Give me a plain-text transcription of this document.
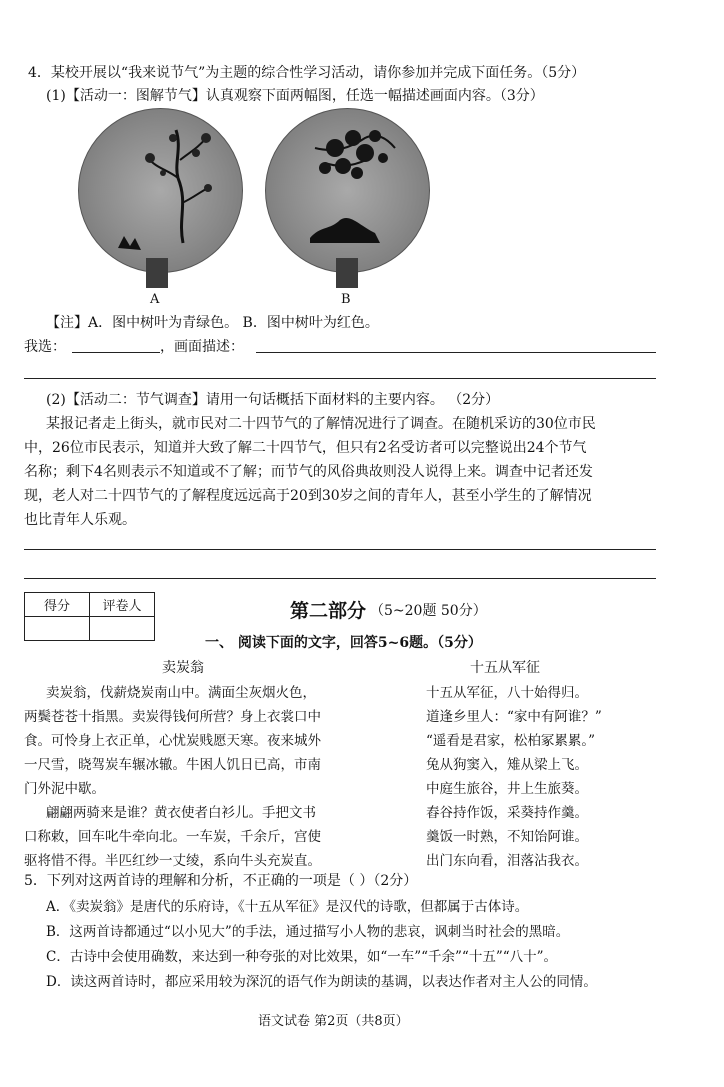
4．某校开展以“我来说节气”为主题的综合性学习活动，请你参加并完成下面任务。（5分）
(1)【活动一：图解节气】认真观察下面两幅图，任选一幅描述画面内容。（3分）
A	B
【注】A．图中树叶为青绿色。 B．图中树叶为红色。
我选：	，画面描述：
(2)【活动二：节气调查】请用一句话概括下面材料的主要内容。 （2分）
某报记者走上街头，就市民对二十四节气的了解情况进行了调查。在随机采访的30位市民
中，26位市民表示，知道并大致了解二十四节气，但只有2名受访者可以完整说出24个节气
名称；剩下4名则表示不知道或不了解；而节气的风俗典故则没人说得上来。调查中记者还发
现，老人对二十四节气的了解程度远远高于20到30岁之间的青年人，甚至小学生的了解情况
也比青年人乐观。
得分	评卷人
		第二部分 （5~20题 50分）
一、 阅读下面的文字，回答5~6题。（5分）
卖炭翁
卖炭翁，伐薪烧炭南山中。满面尘灰烟火色，
两鬓苍苍十指黑。卖炭得钱何所营？身上衣裳口中
食。可怜身上衣正单，心忧炭贱愿天寒。夜来城外
一尺雪，晓驾炭车辗冰辙。牛困人饥日已高，市南
门外泥中歇。
翩翩两骑来是谁？黄衣使者白衫儿。手把文书
口称敕，回车叱牛牵向北。一车炭，千余斤，宫使
驱将惜不得。半匹红纱一丈绫，系向牛头充炭直。
十五从军征
十五从军征，八十始得归。
道逢乡里人：“家中有阿谁？”
“遥看是君家，松柏冢累累。”
兔从狗窦入，雉从梁上飞。
中庭生旅谷，井上生旅葵。
舂谷持作饭，采葵持作羹。
羹饭一时熟，不知饴阿谁。
出门东向看，泪落沾我衣。
5．下列对这两首诗的理解和分析，不正确的一项是（ ）（2分）
A．《卖炭翁》是唐代的乐府诗，《十五从军征》是汉代的诗歌，但都属于古体诗。
B．这两首诗都通过“以小见大”的手法，通过描写小人物的悲哀，讽刺当时社会的黑暗。
C．古诗中会使用确数，来达到一种夸张的对比效果，如“一车”“千余”“十五”“八十”。
D．读这两首诗时，都应采用较为深沉的语气作为朗读的基调，以表达作者对主人公的同情。
语文试卷 第2页（共8页）
